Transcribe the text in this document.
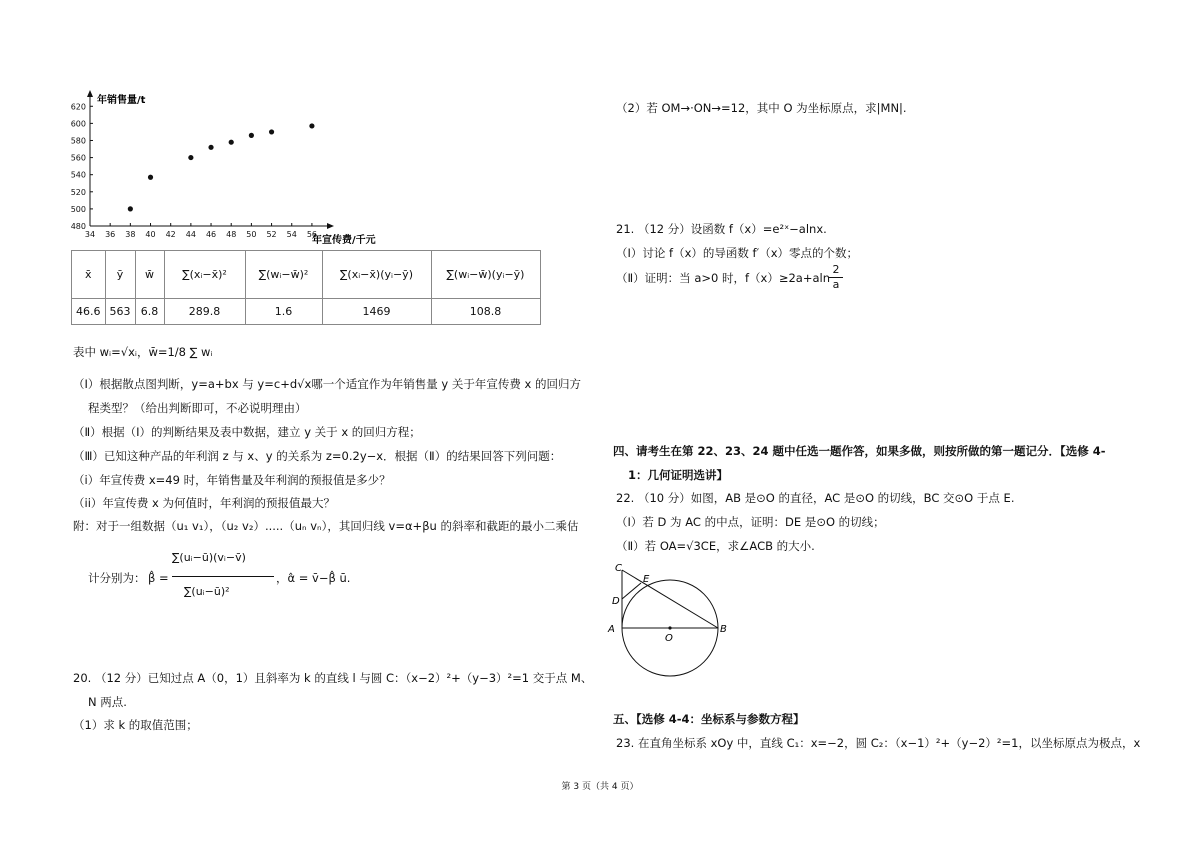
34 36 38 40 42 44 46 48 50 52 54 56
480
500
520
540
560
580
600
620
年销售量/t
年宣传费/千元
x̄	ȳ	w̄	∑(xᵢ−x̄)²	∑(wᵢ−w̄)²	∑(xᵢ−x̄)(yᵢ−ȳ)	∑(wᵢ−w̄)(yᵢ−ȳ)
46.6	563	6.8	289.8	1.6	1469	108.8
表中 wᵢ=√xᵢ，w̄=1/8 ∑ wᵢ
（Ⅰ）根据散点图判断，y=a+bx 与 y=c+d√x哪一个适宜作为年销售量 y 关于年宣传费 x 的回归方
程类型？（给出判断即可，不必说明理由）
（Ⅱ）根据（Ⅰ）的判断结果及表中数据，建立 y 关于 x 的回归方程；
（Ⅲ）已知这种产品的年利润 z 与 x、y 的关系为 z=0.2y−x．根据（Ⅱ）的结果回答下列问题：
（i）年宣传费 x=49 时，年销售量及年利润的预报值是多少？
（ii）年宣传费 x 为何值时，年利润的预报值最大？
附：对于一组数据（u₁ v₁），（u₂ v₂）.....（uₙ vₙ），其回归线 v=α+βu 的斜率和截距的最小二乘估
计分别为： β̂ =
∑(uᵢ−ū)(vᵢ−v̄)
∑(uᵢ−ū)²
，α̂ = v̄−β̂ ū.
20. （12 分）已知过点 A（0，1）且斜率为 k 的直线 l 与圆 C：（x−2）²+（y−3）²=1 交于点 M、
N 两点.
（1）求 k 的取值范围；
（2）若 OM→·ON→=12，其中 O 为坐标原点，求|MN|.
21. （12 分）设函数 f（x）=e²ˣ−alnx.
（Ⅰ）讨论 f（x）的导函数 f′（x）零点的个数；
（Ⅱ）证明：当 a>0 时，f（x）≥2a+aln
2
a
四、请考生在第 22、23、24 题中任选一题作答，如果多做，则按所做的第一题记分．【选修 4-
1：几何证明选讲】
22. （10 分）如图，AB 是⊙O 的直径，AC 是⊙O 的切线，BC 交⊙O 于点 E.
（Ⅰ）若 D 为 AC 的中点，证明：DE 是⊙O 的切线；
（Ⅱ）若 OA=√3CE，求∠ACB 的大小.
C
E
D
A
O
B
五、【选修 4-4：坐标系与参数方程】
23. 在直角坐标系 xOy 中，直线 C₁：x=−2，圆 C₂：（x−1）²+（y−2）²=1，以坐标原点为极点，x
第 3 页（共 4 页）
